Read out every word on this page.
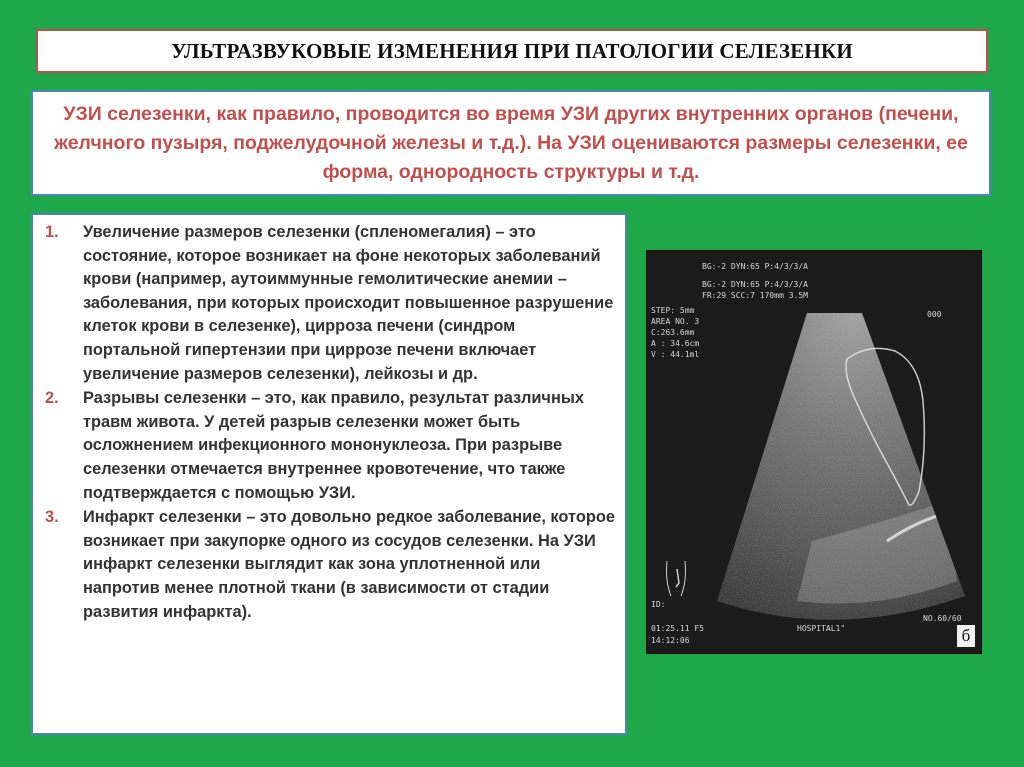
УЛЬТРАЗВУКОВЫЕ ИЗМЕНЕНИЯ ПРИ ПАТОЛОГИИ СЕЛЕЗЕНКИ

УЗИ селезенки, как правило, проводится во время УЗИ других внутренних органов (печени, желчного пузыря, поджелудочной железы и т.д.). На УЗИ оцениваются размеры селезенки, ее форма, однородность структуры и т.д.

1.	Увеличение размеров селезенки (спленомегалия) – это состояние, которое возникает на фоне некоторых заболеваний крови (например, аутоиммунные гемолитические анемии – заболевания, при которых происходит повышенное разрушение клеток крови в селезенке), цирроза печени (синдром портальной гипертензии при циррозе печени включает увеличение размеров селезенки), лейкозы и др.
2.	Разрывы селезенки – это, как правило, результат различных травм живота. У детей разрыв селезенки может быть осложнением инфекционного мононуклеоза. При разрыве селезенки отмечается внутреннее кровотечение, что также подтверждается с помощью УЗИ.
3.	Инфаркт селезенки – это довольно редкое заболевание, которое возникает при закупорке одного из сосудов селезенки. На УЗИ инфаркт селезенки выглядит как зона уплотненной или напротив менее плотной ткани (в зависимости от стадии развития инфаркта).
BG:-2 DYN:65 P:4/3/3/A
BG:-2 DYN:65 P:4/3/3/A
FR:29 SCC:7 170mm 3.5M
STEP: 5mm
AREA NO. 3
C:263.6mm
A : 34.6cm
V : 44.1ml
000
ID:
01:25.11 F5
14:12:06
HOSPITAL1"
NO.60/60
б
